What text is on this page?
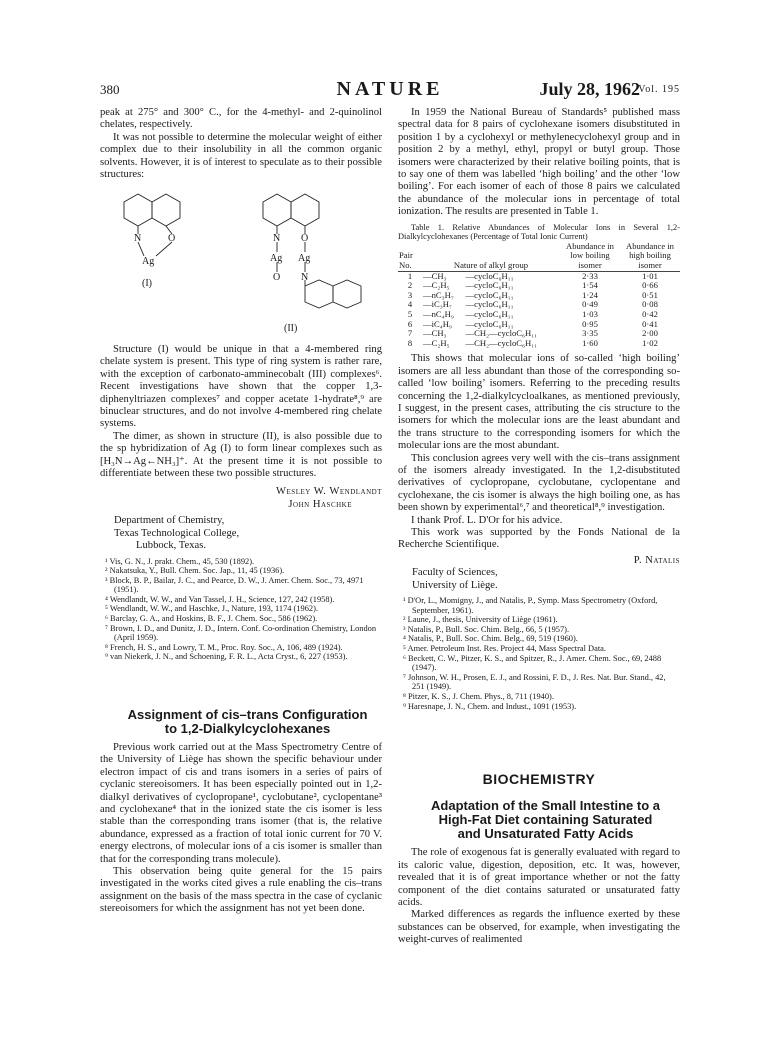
380	NATURE	July 28, 1962
Vol. 195

peak at 275° and 300° C., for the 4-methyl- and 2-quinolinol chelates, respectively.

It was not possible to determine the molecular weight of either complex due to their insolubility in all the common organic solvents. However, it is of interest to speculate as to their possible structures:

N	O
Ag
(I)
N O
Ag Ag
O N
(II)

Structure (I) would be unique in that a 4-membered ring chelate system is present. This type of ring system is rather rare, with the exception of carbonato-amminecobalt (III) complexes⁶. Recent investigations have shown that the copper 1,3-diphenyltriazen complexes⁷ and copper acetate 1-hydrate⁸,⁹ are binuclear structures, and do not involve 4-membered ring chelate systems.

The dimer, as shown in structure (II), is also possible due to the sp hybridization of Ag (I) to form linear complexes such as [H₃N→Ag←NH₃]⁺. At the present time it is not possible to differentiate between these two possible structures.

Wesley W. Wendlandt

John Haschke

Department of Chemistry,

Texas Technological College,

Lubbock, Texas.

¹ Vis, G. N., J. prakt. Chem., 45, 530 (1892).
² Nakatsuka, Y., Bull. Chem. Soc. Jap., 11, 45 (1936).
³ Block, B. P., Bailar, J. C., and Pearce, D. W., J. Amer. Chem. Soc., 73, 4971 (1951).
⁴ Wendlandt, W. W., and Van Tassel, J. H., Science, 127, 242 (1958).
⁵ Wendlandt, W. W., and Haschke, J., Nature, 193, 1174 (1962).
⁶ Barclay, G. A., and Hoskins, B. F., J. Chem. Soc., 586 (1962).
⁷ Brown, I. D., and Dunitz, J. D., Intern. Conf. Co-ordination Chemistry, London (April 1959).
⁸ French, H. S., and Lowry, T. M., Proc. Roy. Soc., A, 106, 489 (1924).
⁹ van Niekerk, J. N., and Schoening, F. R. L., Acta Cryst., 6, 227 (1953).

Assignment of cis–trans Configuration

to 1,2-Dialkylcyclohexanes

Previous work carried out at the Mass Spectrometry Centre of the University of Liège has shown the specific behaviour under electron impact of cis and trans isomers in a series of pairs of cyclanic stereoisomers. It has been especially pointed out in 1,2-dialkyl derivatives of cyclopropane¹, cyclobutane², cyclopentane³ and cyclohexane⁴ that in the ionized state the cis isomer is less stable than the corresponding trans isomer (that is, the relative abundance, expressed as a fraction of total ionic current for 70 V. energy electrons, of molecular ions of a cis isomer is smaller than that for the corresponding trans molecule).

This observation being quite general for the 15 pairs investigated in the works cited gives a rule enabling the cis–trans assignment on the basis of the mass spectra in the case of cyclanic stereoisomers for which the assignment has not yet been done.

In 1959 the National Bureau of Standards⁵ published mass spectral data for 8 pairs of cyclohexane isomers disubstituted in position 1 by a cyclohexyl or methylenecyclohexyl group and in position 2 by a methyl, ethyl, propyl or butyl group. Those isomers were characterized by their relative boiling points, that is to say one of them was labelled ‘high boiling’ and the other ‘low boiling’. For each isomer of each of those 8 pairs we calculated the abundance of the molecular ions in percentage of total ionization. The results are presented in Table 1.

Table 1. Relative Abundances of Molecular Ions in Several 1,2-Dialkylcyclohexanes (Percentage of Total Ionic Current)

Pair No.	Nature of alkyl group		Abundance in low boiling isomer	Abundance in high boiling isomer
1	—CH₃	—cycloC₆H₁₁	2·33	1·01
2	—C₂H₅	—cycloC₆H₁₁	1·54	0·66
3	—nC₃H₇	—cycloC₆H₁₁	1·24	0·51
4	—iC₃H₇	—cycloC₆H₁₁	0·49	0·08
5	—nC₄H₉	—cycloC₆H₁₁	1·03	0·42
6	—iC₄H₉	—cycloC₆H₁₁	0·95	0·41
7	—CH₃	—CH₂—cycloC₆H₁₁	3·35	2·00
8	—C₂H₅	—CH₂—cycloC₆H₁₁	1·60	1·02

This shows that molecular ions of so-called ‘high boiling’ isomers are all less abundant than those of the corresponding so-called ‘low boiling’ isomers. Referring to the preceding results concerning the 1,2-dialkylcycloalkanes, as mentioned previously, I suggest, in the present cases, attributing the cis structure to the isomers for which the molecular ions are the least abundant and the trans structure to the corresponding isomers for which the molecular ions are the most abundant.

This conclusion agrees very well with the cis–trans assignment of the isomers already investigated. In the 1,2-disubstituted derivatives of cyclopropane, cyclobutane, cyclopentane and cyclohexane, the cis isomer is always the high boiling one, as has been shown by experimental⁶,⁷ and theoretical⁸,⁹ investigation.

I thank Prof. L. D'Or for his advice.

This work was supported by the Fonds National de la Recherche Scientifique.

P. Natalis

Faculty of Sciences,

University of Liège.

¹ D'Or, L., Momigny, J., and Natalis, P., Symp. Mass Spectrometry (Oxford, September, 1961).
² Laune, J., thesis, University of Liège (1961).
³ Natalis, P., Bull. Soc. Chim. Belg., 66, 5 (1957).
⁴ Natalis, P., Bull. Soc. Chim. Belg., 69, 519 (1960).
⁵ Amer. Petroleum Inst. Res. Project 44, Mass Spectral Data.
⁶ Beckett, C. W., Pitzer, K. S., and Spitzer, R., J. Amer. Chem. Soc., 69, 2488 (1947).
⁷ Johnson, W. H., Prosen, E. J., and Rossini, F. D., J. Res. Nat. Bur. Stand., 42, 251 (1949).
⁸ Pitzer, K. S., J. Chem. Phys., 8, 711 (1940).
⁹ Haresnape, J. N., Chem. and Indust., 1091 (1953).
BIOCHEMISTRY

Adaptation of the Small Intestine to a

High-Fat Diet containing Saturated

and Unsaturated Fatty Acids

The role of exogenous fat is generally evaluated with regard to its caloric value, digestion, deposition, etc. It was, however, revealed that it is of great importance whether or not the fatty component of the diet contains saturated or unsaturated fatty acids.

Marked differences as regards the influence exerted by these substances can be observed, for example, when investigating the weight-curves of realimented
